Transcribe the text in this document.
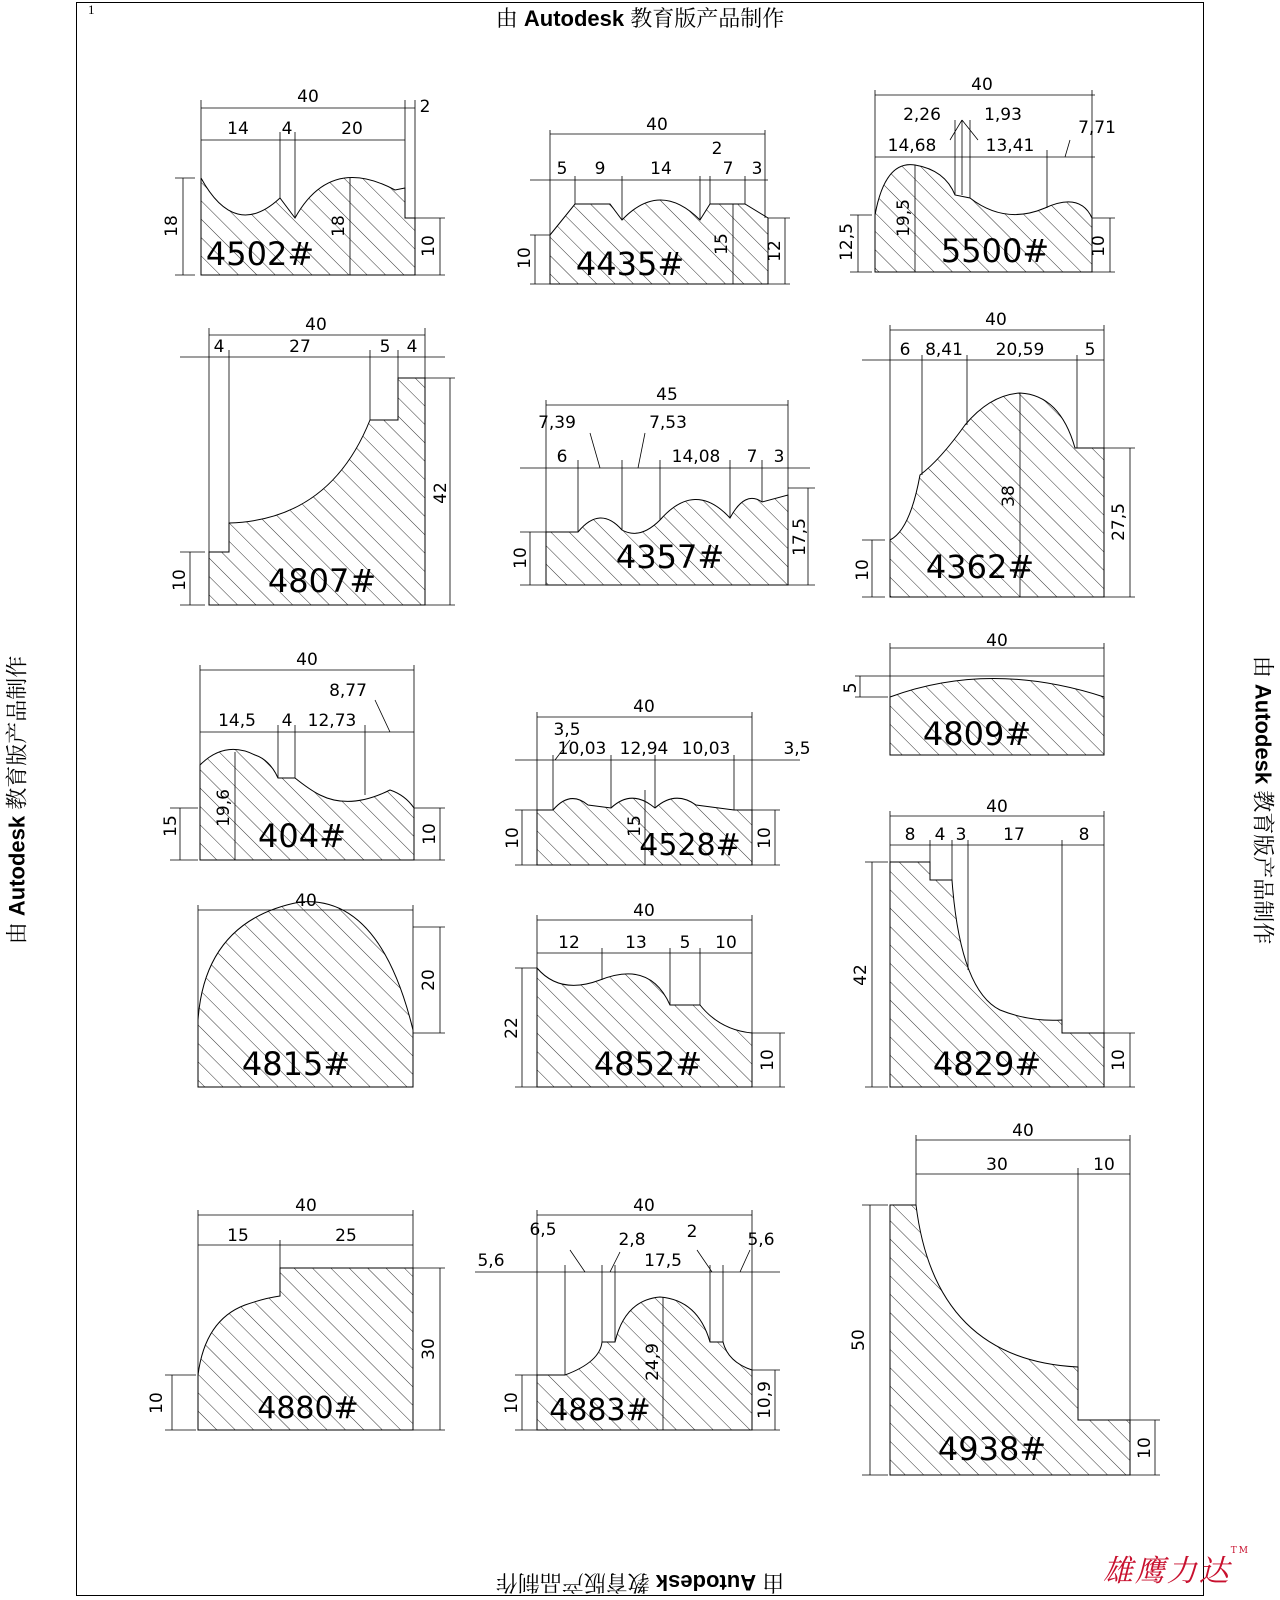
1	由 Autodesk 教育版产品制作
由 Autodesk 教育版产品制作
由 Autodesk 教育版产品制作	由 Autodesk 教育版产品制作
40
14 4	20
2
18	18
10
4502#
40
5 9	14
2
7 3
10
15 12
4435#
40
2,26	1,93
14,68	13,41
7,71
12,5
19,5
10
5500#
40
4	27	5 4
42
10 4807#
45
7,39	7,53
6	14,08 7 3
10
17,5
4357#
40
6 8,41 20,59 5
38
27,5
10 4362#
40
8,77
14,5 4 12,73
15 19,6
10
404#
40
3,5
10,03 12,94 10,03	3,5
10
15
10
4528#
40
5
4809#
40
20
4815#
40
12	13 5 10
22
10
4852#
40
8 4 3 17	8
42
10
4829#
40
15	25
10
30
4880#
40
6,5	2,8 2
5,6
5,6
17,5
10
24,9
10,9
4883#
40
30	10
50
10
4938#
雄鹰力达™
